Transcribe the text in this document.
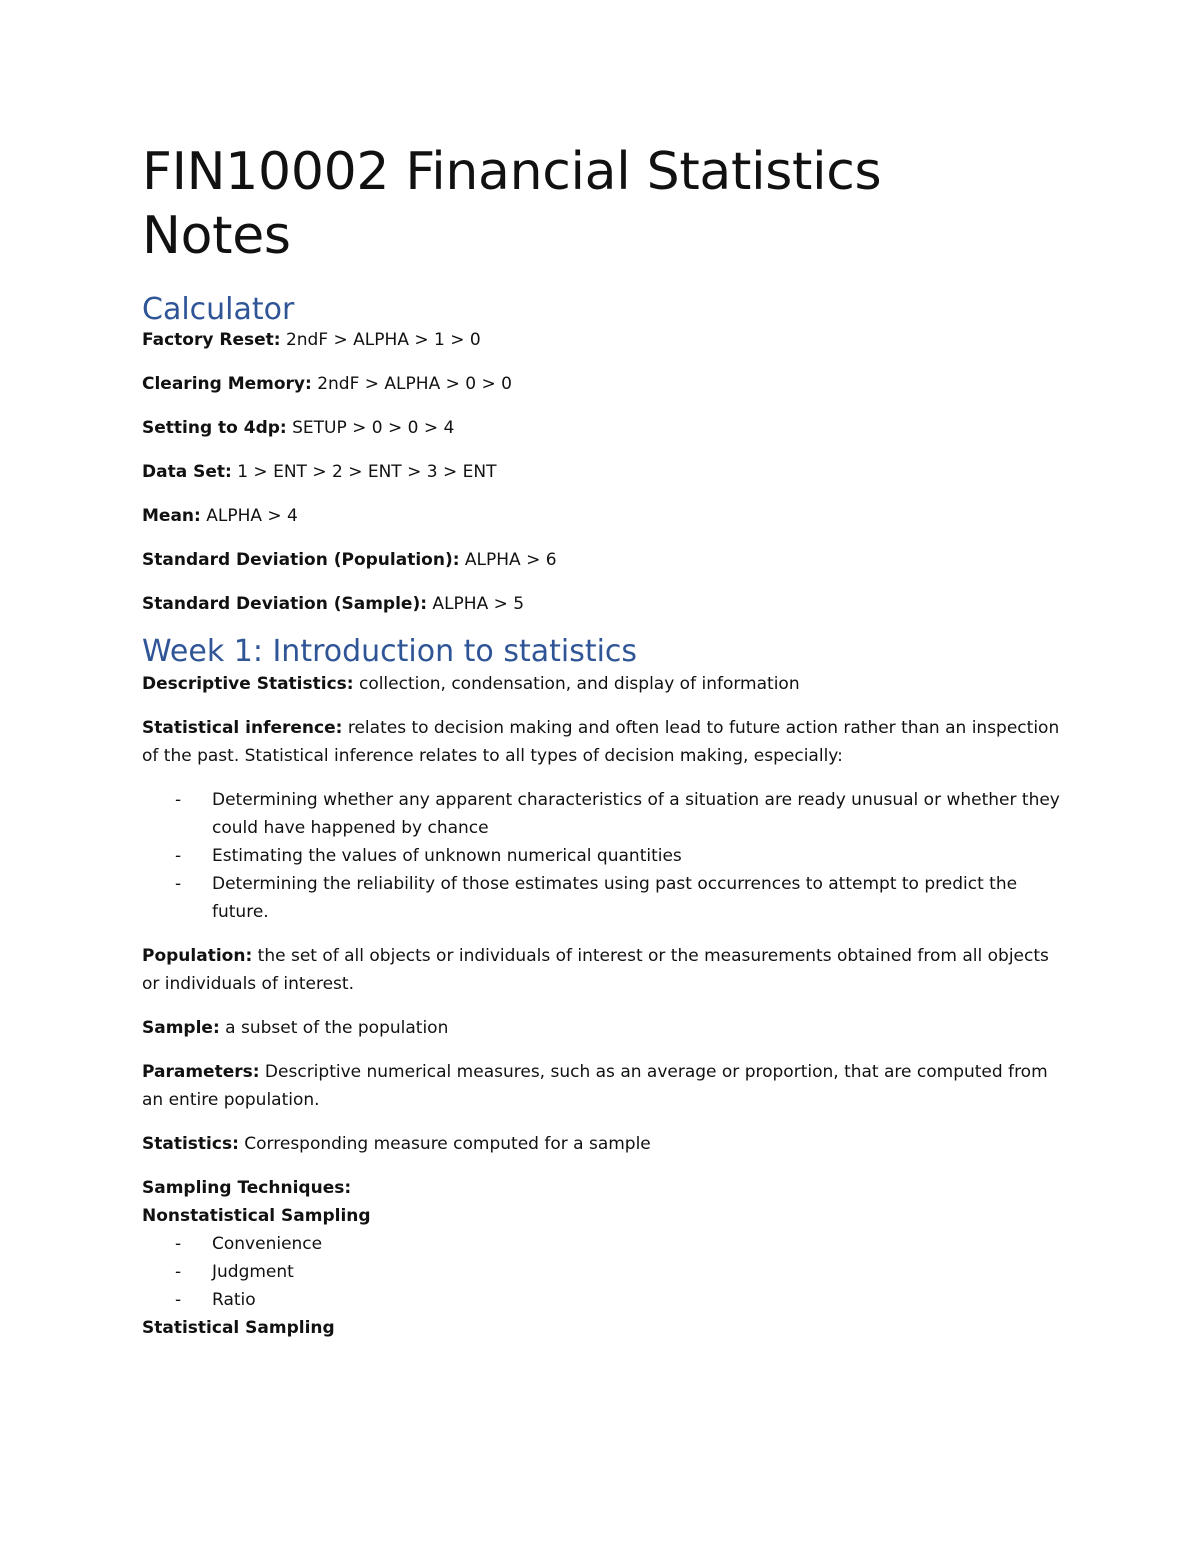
FIN10002 Financial Statistics
Notes
Calculator

Factory Reset: 2ndF > ALPHA > 1 > 0

Clearing Memory: 2ndF > ALPHA > 0 > 0

Setting to 4dp: SETUP > 0 > 0 > 4

Data Set: 1 > ENT > 2 > ENT > 3 > ENT

Mean: ALPHA > 4

Standard Deviation (Population): ALPHA > 6

Standard Deviation (Sample): ALPHA > 5

Week 1: Introduction to statistics

Descriptive Statistics: collection, condensation, and display of information

Statistical inference: relates to decision making and often lead to future action rather than an inspection of the past. Statistical inference relates to all types of decision making, especially:

- Determining whether any apparent characteristics of a situation are ready unusual or whether they could have happened by chance
- Estimating the values of unknown numerical quantities
- Determining the reliability of those estimates using past occurrences to attempt to predict the future.

Population: the set of all objects or individuals of interest or the measurements obtained from all objects or individuals of interest.

Sample: a subset of the population

Parameters: Descriptive numerical measures, such as an average or proportion, that are computed from an entire population.

Statistics: Corresponding measure computed for a sample

Sampling Techniques:

Nonstatistical Sampling

- Convenience
- Judgment
- Ratio

Statistical Sampling
